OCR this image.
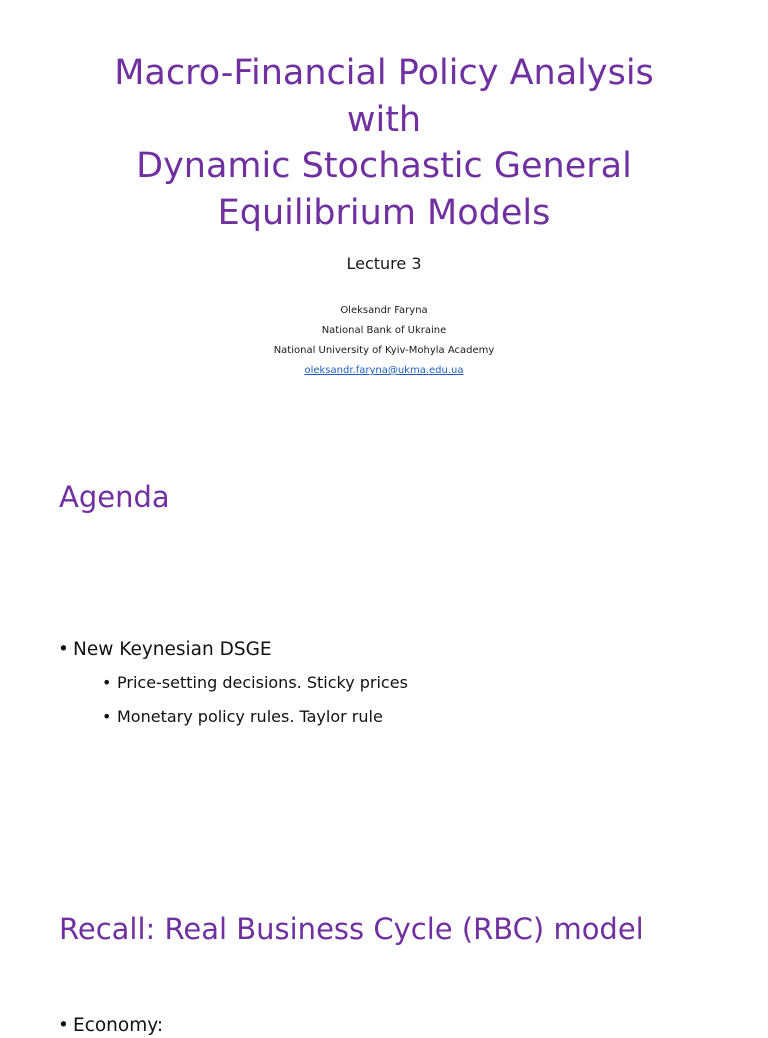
Macro-Financial Policy Analysis
with
Dynamic Stochastic General
Equilibrium Models
Lecture 3
Oleksandr Faryna
National Bank of Ukraine
National University of Kyiv-Mohyla Academy
oleksandr.faryna@ukma.edu.ua
Agenda
• New Keynesian DSGE
• Price-setting decisions. Sticky prices
• Monetary policy rules. Taylor rule
Recall: Real Business Cycle (RBC) model
• Economy:
